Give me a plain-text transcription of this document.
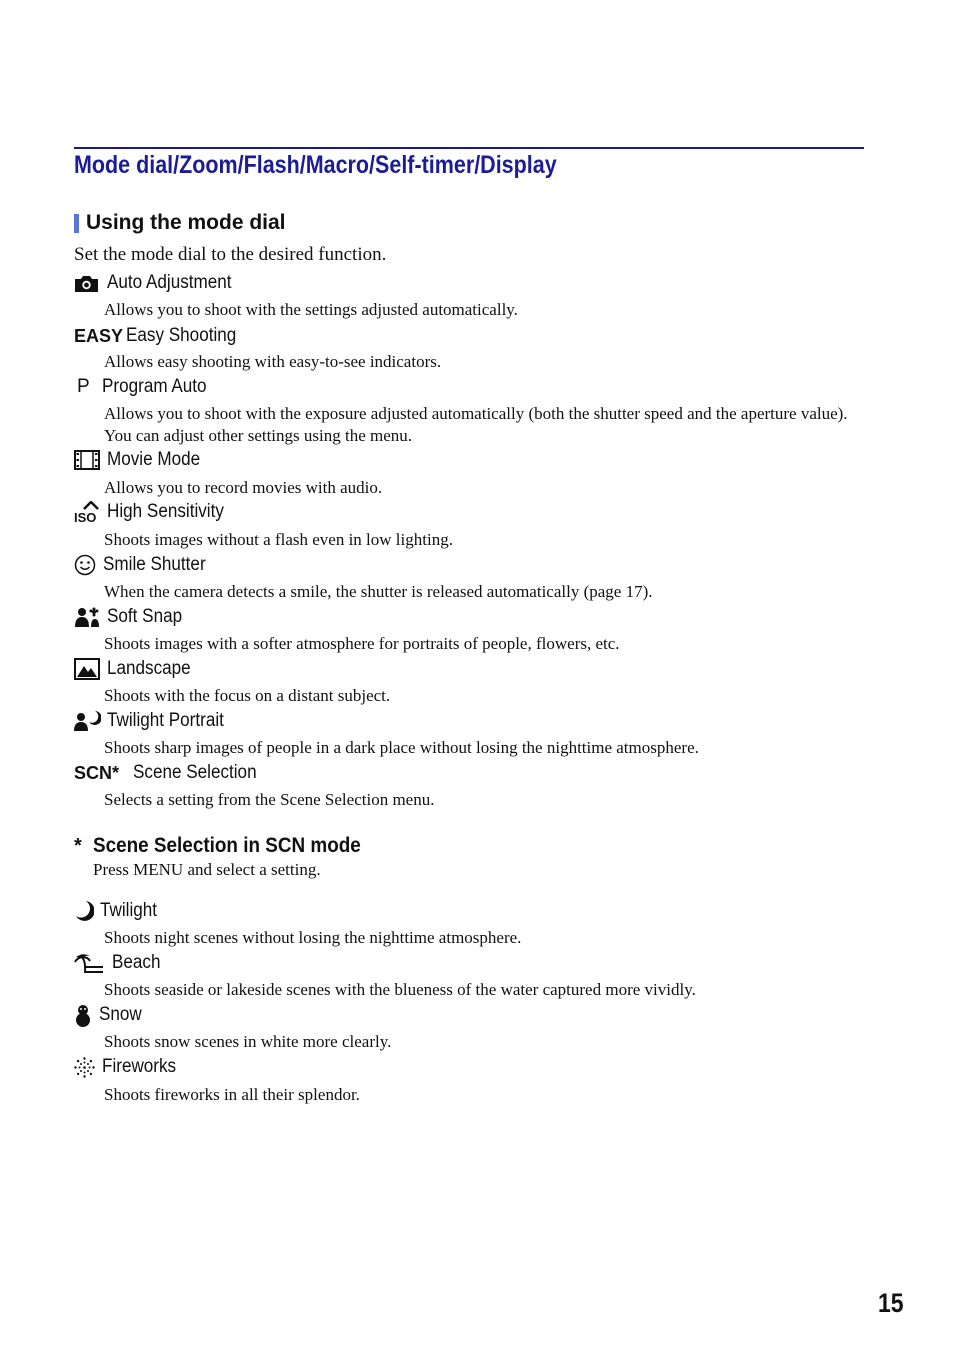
Mode dial/Zoom/Flash/Macro/Self-timer/Display
Using the mode dial
Set the mode dial to the desired function.
Auto Adjustment
Allows you to shoot with the settings adjusted automatically.
EASY Easy Shooting
Allows easy shooting with easy-to-see indicators.
P Program Auto
Allows you to shoot with the exposure adjusted automatically (both the shutter speed and the aperture value). You can adjust other settings using the menu.
Movie Mode
Allows you to record movies with audio.
ISO High Sensitivity
Shoots images without a flash even in low lighting.
Smile Shutter
When the camera detects a smile, the shutter is released automatically (page 17).
Soft Snap
Shoots images with a softer atmosphere for portraits of people, flowers, etc.
Landscape
Shoots with the focus on a distant subject.
Twilight Portrait
Shoots sharp images of people in a dark place without losing the nighttime atmosphere.
SCN* Scene Selection
Selects a setting from the Scene Selection menu.
* Scene Selection in SCN mode
Press MENU and select a setting.
Twilight
Shoots night scenes without losing the nighttime atmosphere.
Beach
Shoots seaside or lakeside scenes with the blueness of the water captured more vividly.
Snow
Shoots snow scenes in white more clearly.
Fireworks
Shoots fireworks in all their splendor.
15
